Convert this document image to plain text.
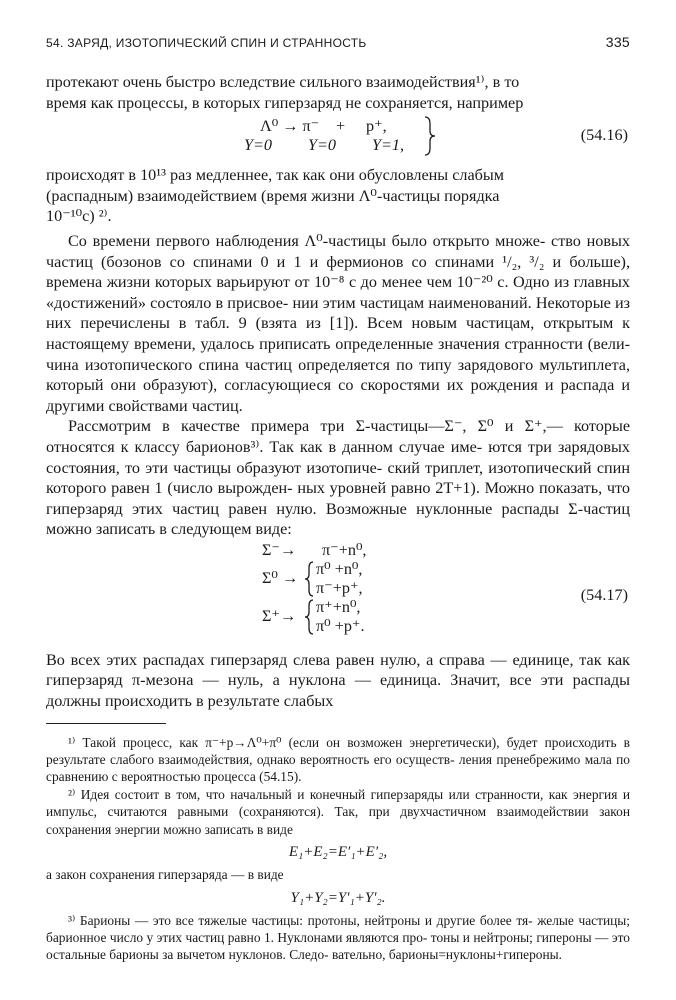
54. ЗАРЯД, ИЗОТОПИЧЕСКИЙ СПИН И СТРАННОСТЬ	335

протекают очень быстро вследствие сильного взаимодействия¹⁾, в то
время как процессы, в которых гиперзаряд не сохраняется, например

Λ⁰ → π⁻ + p⁺,
Y=0 Y=0 Y=1,
(54.16)

происходят в 10¹³ раз медленнее, так как они обусловлены слабым
(распадным) взаимодействием (время жизни Λ⁰-частицы порядка
10⁻¹⁰с) ²⁾.

Со времени первого наблюдения Λ⁰-частицы было открыто множе- ство новых частиц (бозонов со спинами 0 и 1 и фермионов со спинами ¹/₂, ³/₂ и больше), времена жизни которых варьируют от 10⁻⁸ с до менее чем 10⁻²⁰ с. Одно из главных «достижений» состояло в присвое- нии этим частицам наименований. Некоторые из них перечислены в табл. 9 (взята из [1]). Всем новым частицам, открытым к настоящему времени, удалось приписать определенные значения странности (вели- чина изотопического спина частиц определяется по типу зарядового мультиплета, который они образуют), согласующиеся со скоростями их рождения и распада и другими свойствами частиц.

Рассмотрим в качестве примера три Σ-частицы—Σ⁻, Σ⁰ и Σ⁺,— которые относятся к классу барионов³⁾. Так как в данном случае име- ются три зарядовых состояния, то эти частицы образуют изотопиче- ский триплет, изотопический спин которого равен 1 (число вырожден- ных уровней равно 2T+1). Можно показать, что гиперзаряд этих частиц равен нулю. Возможные нуклонные распады Σ-частиц можно записать в следующем виде:

Σ⁻→ π⁻+n⁰,
Σ⁰ → π⁰ +n⁰,
π⁻+p⁺,
Σ⁺→ π⁺+n⁰,
π⁰ +p⁺.
(54.17)

Во всех этих распадах гиперзаряд слева равен нулю, а справа — единице, так как гиперзаряд π-мезона — нуль, а нуклона — единица. Значит, все эти распады должны происходить в результате слабых

¹⁾ Такой процесс, как π⁻+p→Λ⁰+π⁰ (если он возможен энергетически), будет происходить в результате слабого взаимодействия, однако вероятность его осуществ- ления пренебрежимо мала по сравнению с вероятностью процесса (54.15).

²⁾ Идея состоит в том, что начальный и конечный гиперзаряды или странности, как энергия и импульс, считаются равными (сохраняются). Так, при двухчастичном взаимодействии закон сохранения энергии можно записать в виде

E₁+E₂=E′₁+E′₂,

а закон сохранения гиперзаряда — в виде

Y₁+Y₂=Y′₁+Y′₂.

³⁾ Барионы — это все тяжелые частицы: протоны, нейтроны и другие более тя- желые частицы; барионное число у этих частиц равно 1. Нуклонами являются про- тоны и нейтроны; гипероны — это остальные барионы за вычетом нуклонов. Следо- вательно, барионы=нуклоны+гипероны.
